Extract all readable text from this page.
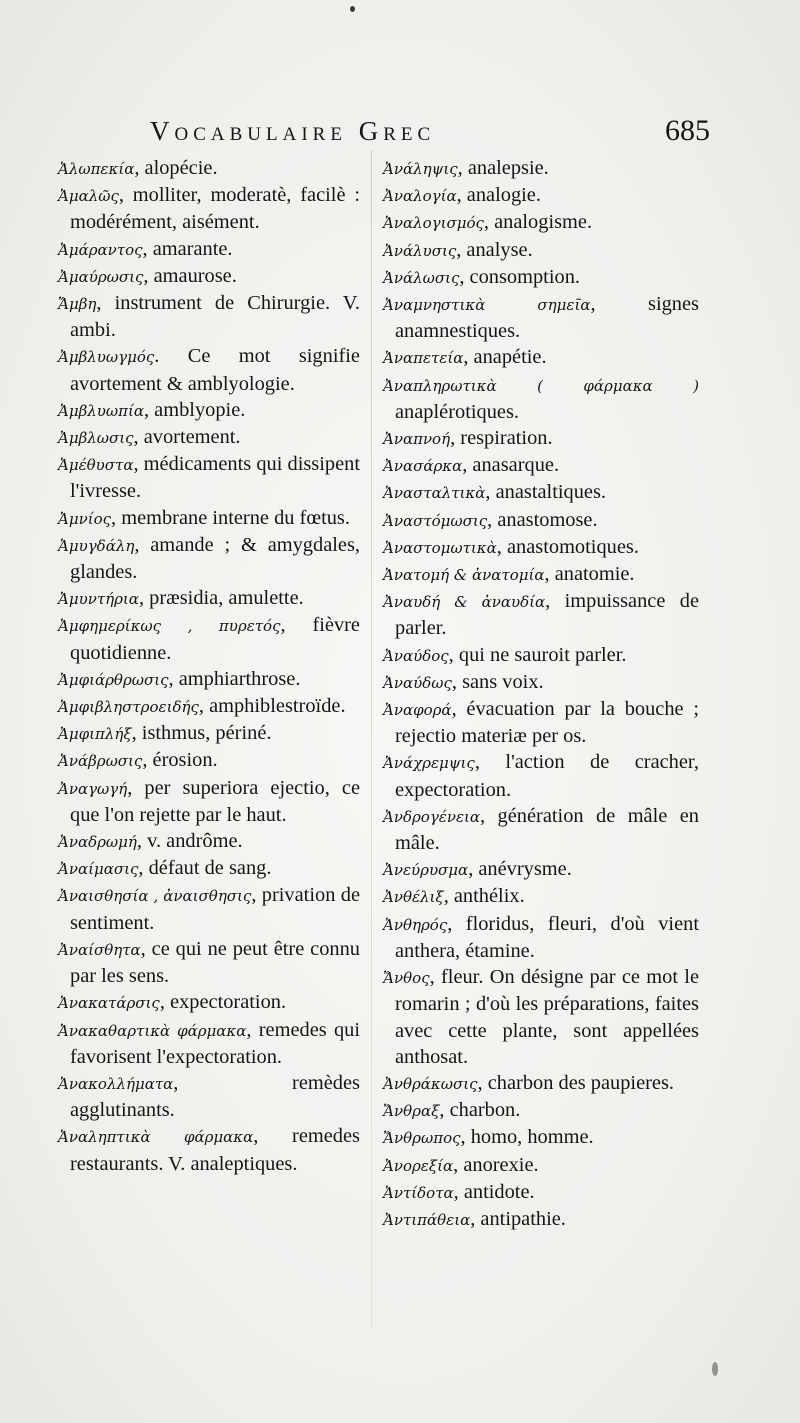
Vocabulaire Grec	685
Ἀλωπεκία, alopécie.
Ἀμαλῶς, molliter, moderatè, facilè : modérément, aisément.
Ἀμάραντος, amarante.
Ἀμαύρωσις, amaurose.
Ἄμβη, instrument de Chirurgie. V. ambi.
Ἀμβλυωγμός. Ce mot signifie avortement & amblyologie.
Ἀμβλυωπία, amblyopie.
Ἀμβλωσις, avortement.
Ἀμέθυστα, médicaments qui dissipent l'ivresse.
Ἀμνίος, membrane interne du fœtus.
Ἀμυγδάλη, amande ; & amygdales, glandes.
Ἀμυντήρια, præsidia, amulette.
Ἀμφημερίκως , πυρετός, fièvre quotidienne.
Ἀμφιάρθρωσις, amphiarthrose.
Ἀμφιβληστροειδής, amphiblestroïde.
Ἀμφιπλήξ, isthmus, périné.
Ἀνάβρωσις, érosion.
Ἀναγωγή, per superiora ejectio, ce que l'on rejette par le haut.
Ἀναδρωμή, v. andrôme.
Ἀναίμασις, défaut de sang.
Ἀναισθησία , ἀναισθησις, privation de sentiment.
Ἀναίσθητα, ce qui ne peut être connu par les sens.
Ἀνακατάρσις, expectoration.
Ἀνακαθαρτικὰ φάρμακα, remedes qui favorisent l'expectoration.
Ἀνακολλήματα, remèdes agglutinants.
Ἀναληπτικὰ φάρμακα, remedes restaurants. V. analeptiques.
Ἀνάληψις, analepsie.
Ἀναλογία, analogie.
Ἀναλογισμός, analogisme.
Ἀνάλυσις, analyse.
Ἀνάλωσις, consomption.
Ἀναμνηστικὰ σημεῖα, signes anamnestiques.
Ἀναπετεία, anapétie.
Ἀναπληρωτικὰ ( φάρμακα ) anaplérotiques.
Ἀναπνοή, respiration.
Ἀνασάρκα, anasarque.
Ἀνασταλτικὰ, anastaltiques.
Ἀναστόμωσις, anastomose.
Ἀναστομωτικὰ, anastomotiques.
Ἀνατομή & ἀνατομία, anatomie.
Ἀναυδή & ἀναυδία, impuissance de parler.
Ἀναύδος, qui ne sauroit parler.
Ἀναύδως, sans voix.
Ἀναφορά, évacuation par la bouche ; rejectio materiæ per os.
Ἀνάχρεμψις, l'action de cracher, expectoration.
Ἀνδρογένεια, génération de mâle en mâle.
Ἀνεύρυσμα, anévrysme.
Ἀνθέλιξ, anthélix.
Ἀνθηρός, floridus, fleuri, d'où vient anthera, étamine.
Ἄνθος, fleur. On désigne par ce mot le romarin ; d'où les préparations, faites avec cette plante, sont appellées anthosat.
Ἀνθράκωσις, charbon des paupieres.
Ἄνθραξ, charbon.
Ἄνθρωπος, homo, homme.
Ἀνορεξία, anorexie.
Ἀντίδοτα, antidote.
Ἀντιπάθεια, antipathie.
